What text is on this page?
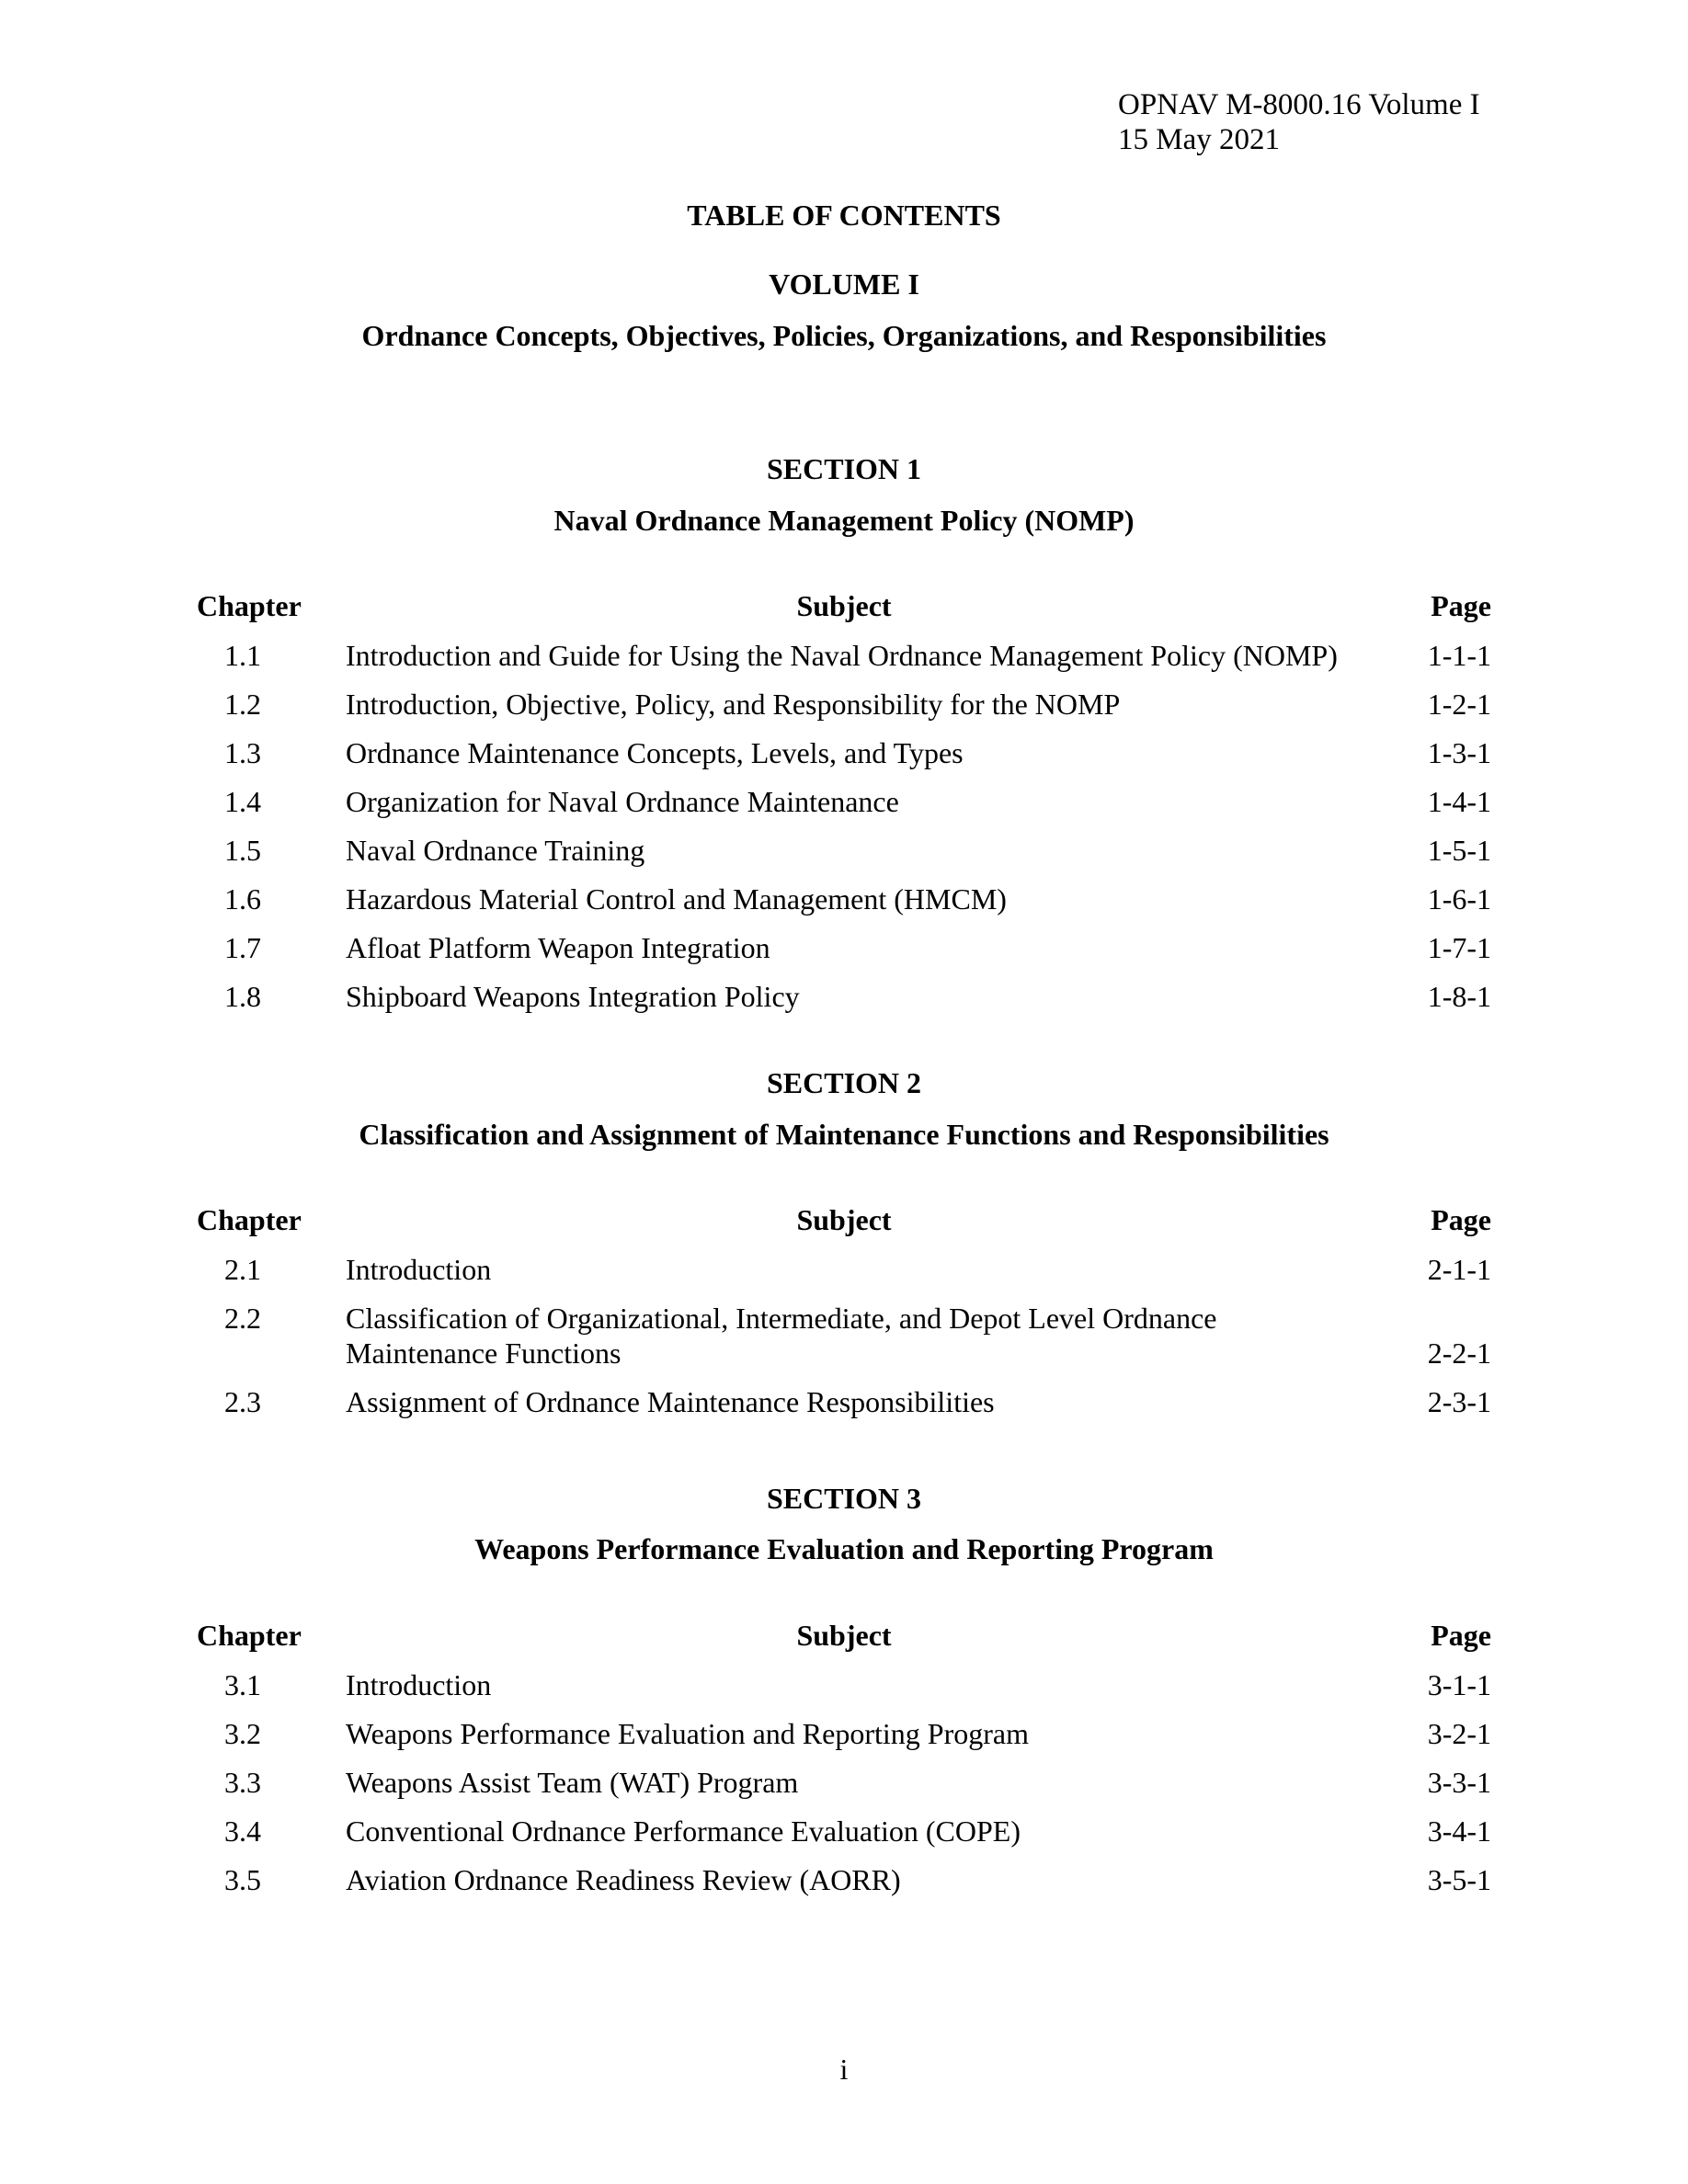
OPNAV M-8000.16 Volume I
15 May 2021
TABLE OF CONTENTS
VOLUME I
Ordnance Concepts, Objectives, Policies, Organizations, and Responsibilities
SECTION 1
Naval Ordnance Management Policy (NOMP)
Chapter	Subject	Page
1.1	Introduction and Guide for Using the Naval Ordnance Management Policy (NOMP)	1-1-1
1.2	Introduction, Objective, Policy, and Responsibility for the NOMP	1-2-1
1.3	Ordnance Maintenance Concepts, Levels, and Types	1-3-1
1.4	Organization for Naval Ordnance Maintenance	1-4-1
1.5	Naval Ordnance Training	1-5-1
1.6	Hazardous Material Control and Management (HMCM)	1-6-1
1.7	Afloat Platform Weapon Integration	1-7-1
1.8	Shipboard Weapons Integration Policy	1-8-1
SECTION 2
Classification and Assignment of Maintenance Functions and Responsibilities
Chapter	Subject	Page
2.1	Introduction	2-1-1
2.2	Classification of Organizational, Intermediate, and Depot Level Ordnance Maintenance Functions	2-2-1
2.3	Assignment of Ordnance Maintenance Responsibilities	2-3-1
SECTION 3
Weapons Performance Evaluation and Reporting Program
Chapter	Subject	Page
3.1	Introduction	3-1-1
3.2	Weapons Performance Evaluation and Reporting Program	3-2-1
3.3	Weapons Assist Team (WAT) Program	3-3-1
3.4	Conventional Ordnance Performance Evaluation (COPE)	3-4-1
3.5	Aviation Ordnance Readiness Review (AORR)	3-5-1
i
